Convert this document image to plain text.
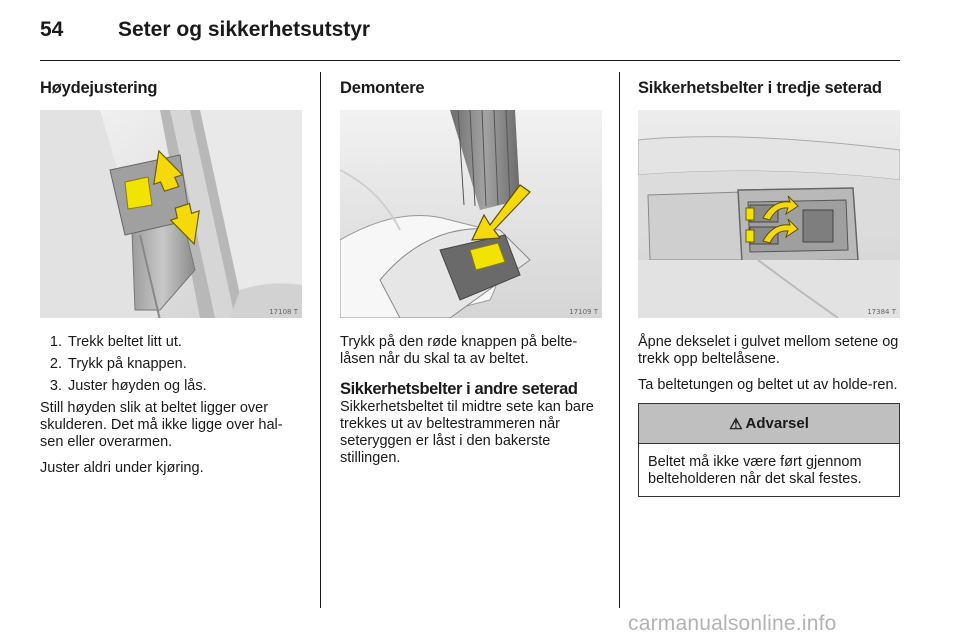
54	Seter og sikkerhetsutstyr
Høydejustering
17108 T
1. Trekk beltet litt ut.
2. Trykk på knappen.
3. Juster høyden og lås.

Still høyden slik at beltet ligger over skulderen. Det må ikke ligge over hal-sen eller overarmen.

Juster aldri under kjøring.

Demontere
17109 T

Trykk på den røde knappen på belte-låsen når du skal ta av beltet.

Sikkerhetsbelter i andre seterad

Sikkerhetsbeltet til midtre sete kan bare trekkes ut av beltestrammeren når seteryggen er låst i den bakerste stillingen.

Sikkerhetsbelter i tredje seterad
17384 T

Åpne dekselet i gulvet mellom setene og trekk opp beltelåsene.

Ta beltetungen og beltet ut av holde-ren.

⚠ Advarsel

Beltet må ikke være ført gjennom belteholderen når det skal festes.

carmanualsonline.info
